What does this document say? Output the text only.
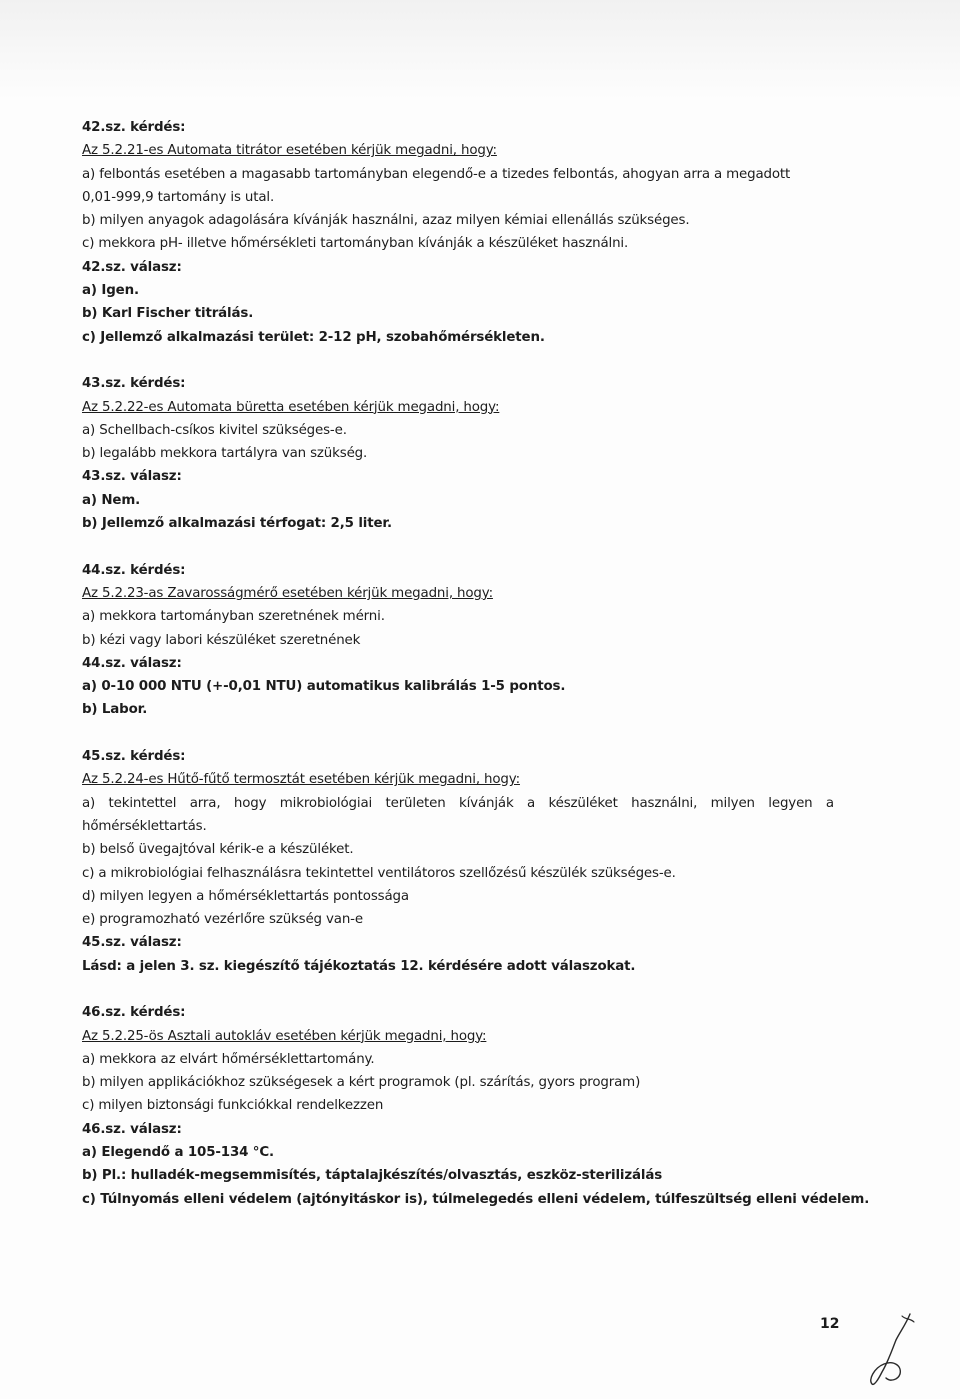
42.sz. kérdés:
Az 5.2.21-es Automata titrátor esetében kérjük megadni, hogy:
a) felbontás esetében a magasabb tartományban elegendő-e a tizedes felbontás, ahogyan arra a megadott
0,01-999,9 tartomány is utal.
b) milyen anyagok adagolására kívánják használni, azaz milyen kémiai ellenállás szükséges.
c) mekkora pH- illetve hőmérsékleti tartományban kívánják a készüléket használni.
42.sz. válasz:
a) Igen.
b) Karl Fischer titrálás.
c) Jellemző alkalmazási terület: 2-12 pH, szobahőmérsékleten.
43.sz. kérdés:
Az 5.2.22-es Automata büretta esetében kérjük megadni, hogy:
a) Schellbach-csíkos kivitel szükséges-e.
b) legalább mekkora tartályra van szükség.
43.sz. válasz:
a) Nem.
b) Jellemző alkalmazási térfogat: 2,5 liter.
44.sz. kérdés:
Az 5.2.23-as Zavarosságmérő esetében kérjük megadni, hogy:
a) mekkora tartományban szeretnének mérni.
b) kézi vagy labori készüléket szeretnének
44.sz. válasz:
a) 0-10 000 NTU (+-0,01 NTU) automatikus kalibrálás 1-5 pontos.
b) Labor.
45.sz. kérdés:
Az 5.2.24-es Hűtő-fűtő termosztát esetében kérjük megadni, hogy:
a) tekintettel arra, hogy mikrobiológiai területen kívánják a készüléket használni, milyen legyen a
hőmérséklettartás.
b) belső üvegajtóval kérik-e a készüléket.
c) a mikrobiológiai felhasználásra tekintettel ventilátoros szellőzésű készülék szükséges-e.
d) milyen legyen a hőmérséklettartás pontossága
e) programozható vezérlőre szükség van-e
45.sz. válasz:
Lásd: a jelen 3. sz. kiegészítő tájékoztatás 12. kérdésére adott válaszokat.
46.sz. kérdés:
Az 5.2.25-ös Asztali autokláv esetében kérjük megadni, hogy:
a) mekkora az elvárt hőmérséklettartomány.
b) milyen applikációkhoz szükségesek a kért programok (pl. szárítás, gyors program)
c) milyen biztonsági funkciókkal rendelkezzen
46.sz. válasz:
a) Elegendő a 105-134 °C.
b) Pl.: hulladék-megsemmisítés, táptalajkészítés/olvasztás, eszköz-sterilizálás
c) Túlnyomás elleni védelem (ajtónyitáskor is), túlmelegedés elleni védelem, túlfeszültség elleni védelem.
12
